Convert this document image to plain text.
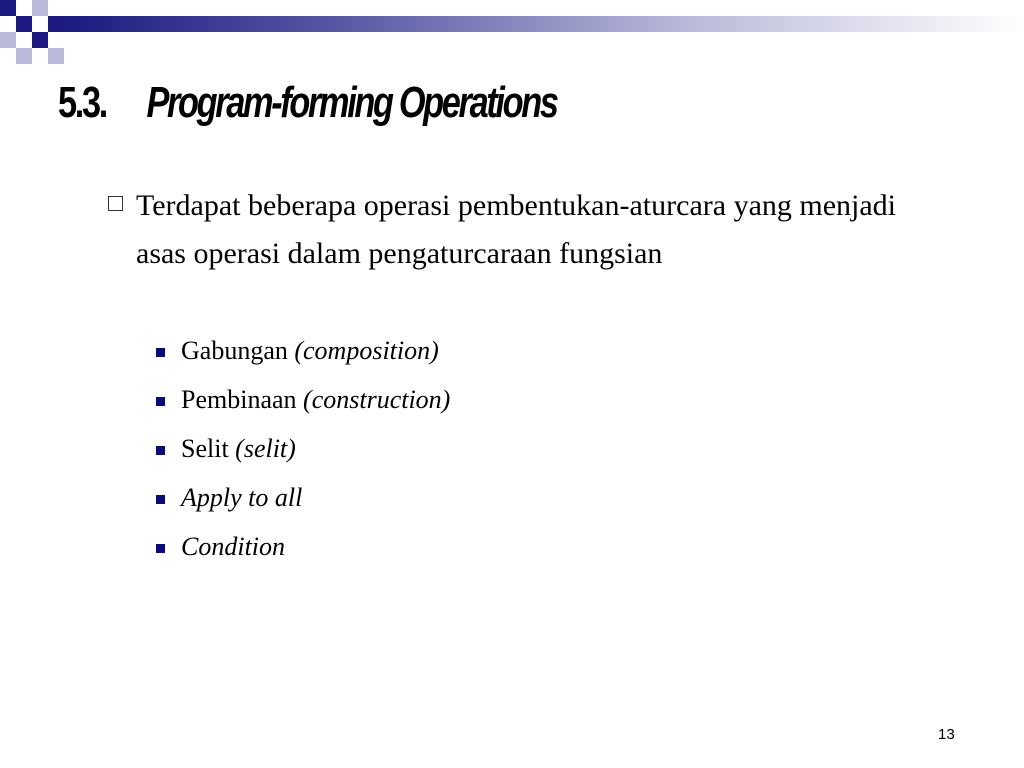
5.3. Program-forming Operations
Terdapat beberapa operasi pembentukan-aturcara yang menjadi asas operasi dalam pengaturcaraan fungsian
Gabungan (composition)
Pembinaan (construction)
Selit (selit)
Apply to all
Condition
13
